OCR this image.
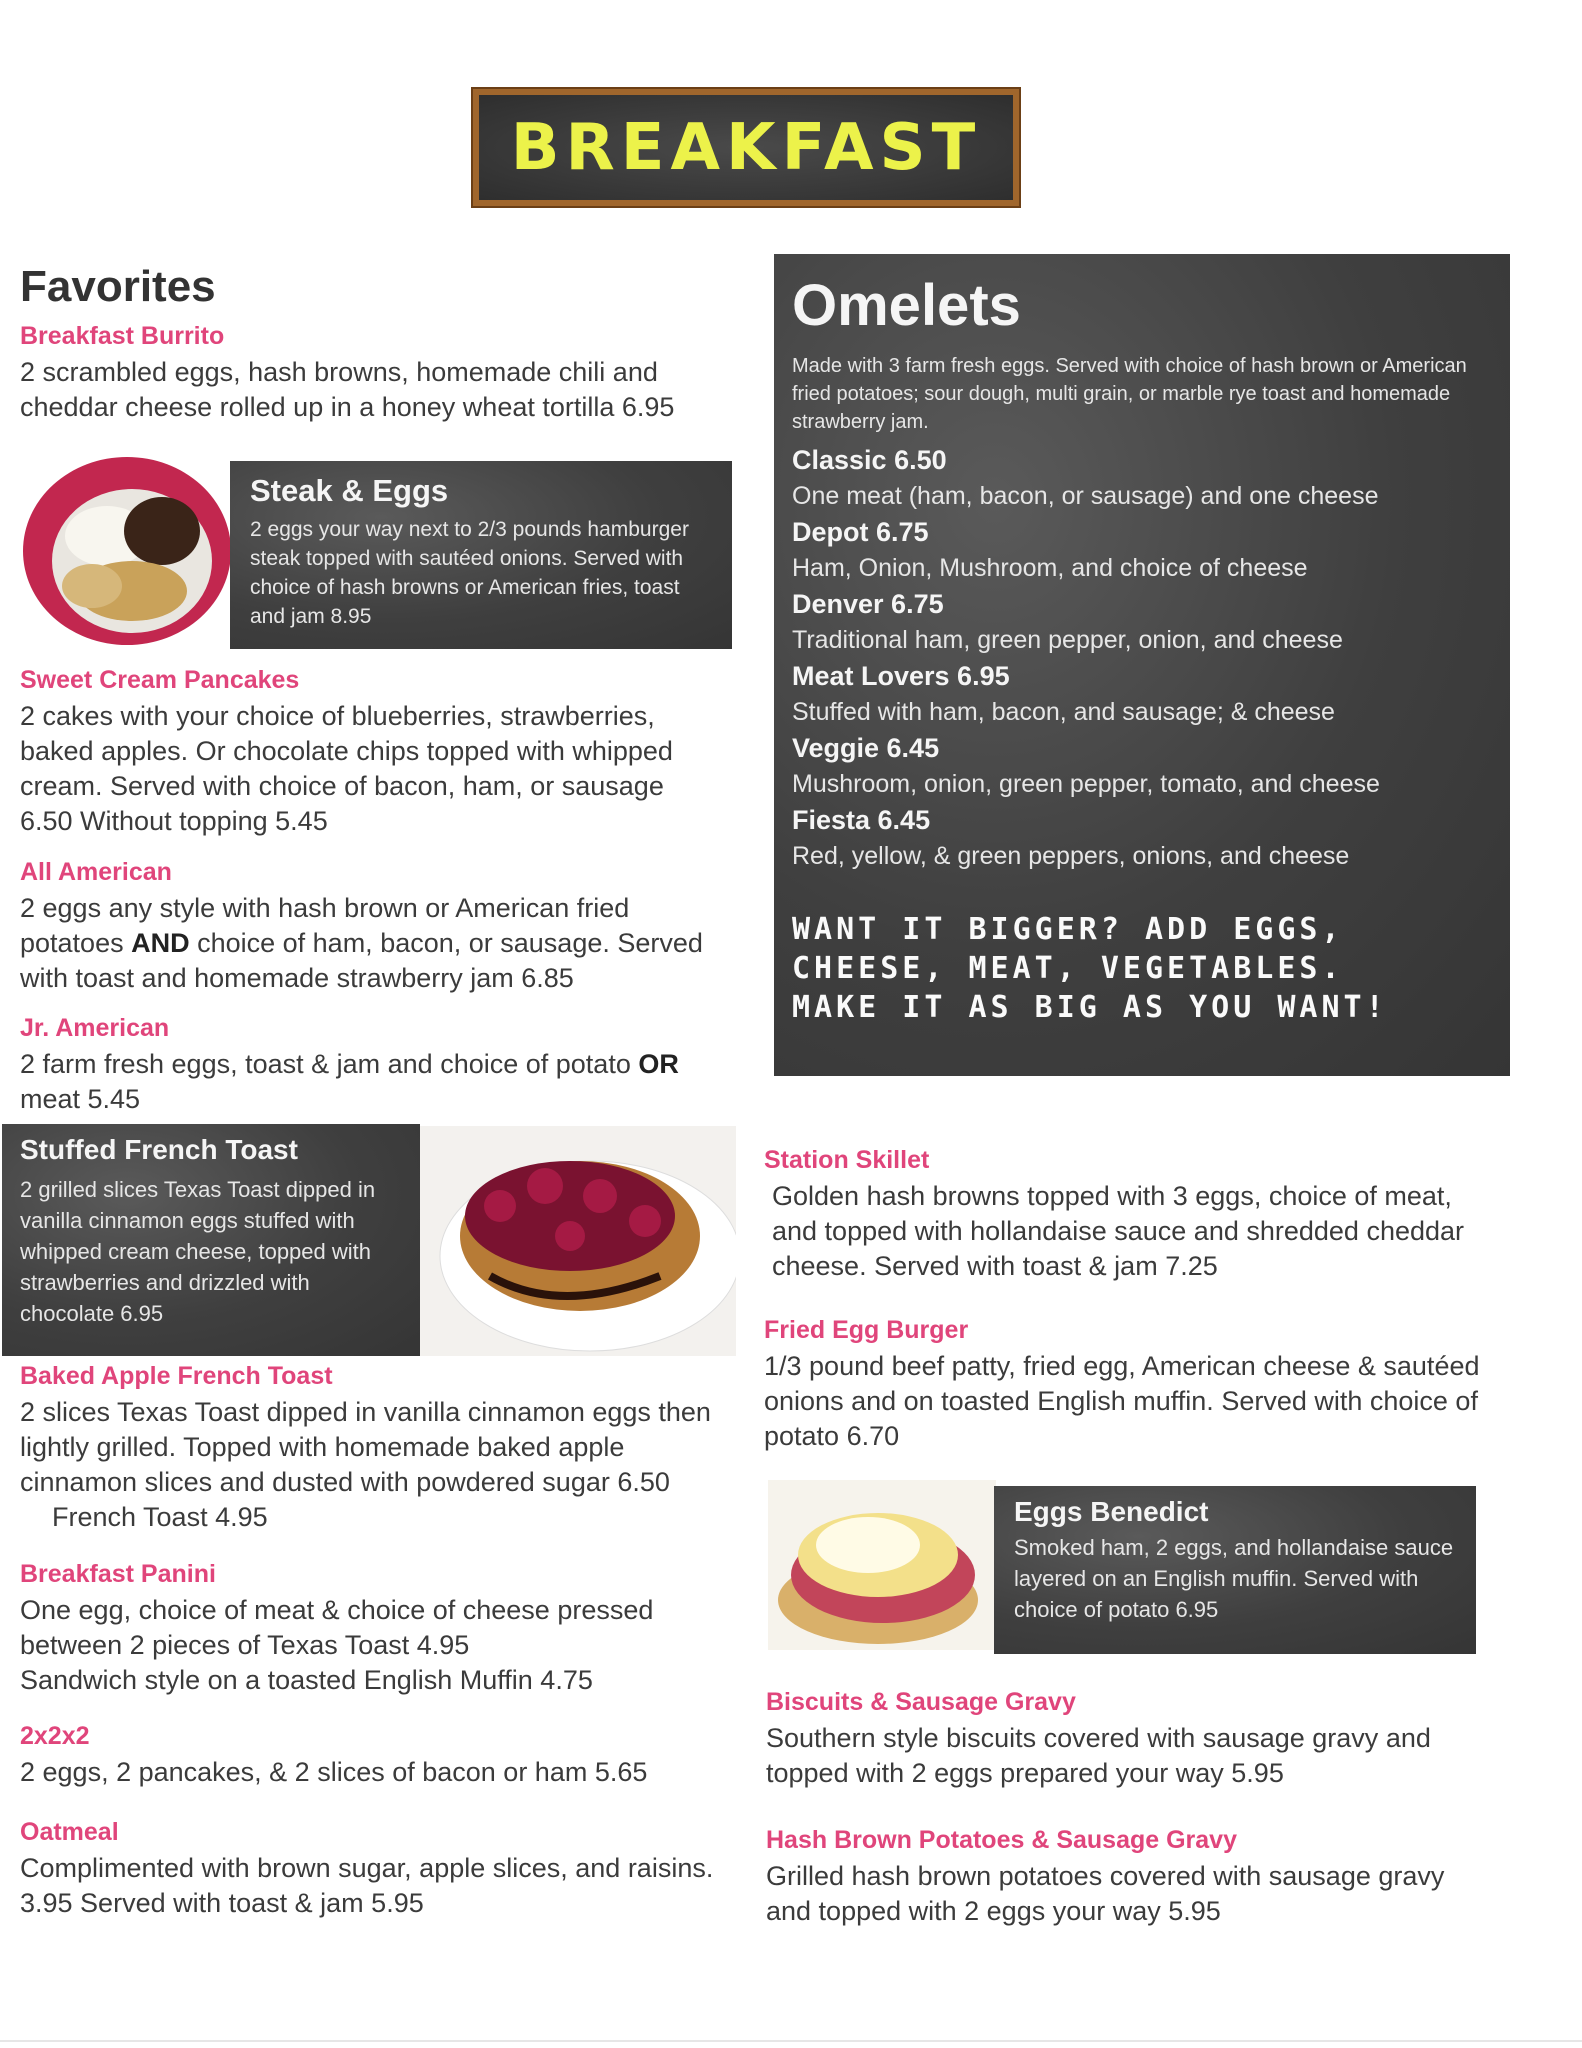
BREAKFAST
Favorites
Breakfast Burrito
2 scrambled eggs, hash browns, homemade chili and cheddar cheese rolled up in a honey wheat tortilla 6.95
Steak & Eggs
2 eggs your way next to 2/3 pounds hamburger steak topped with sautéed onions. Served with choice of hash browns or American fries, toast and jam 8.95
Sweet Cream Pancakes
2 cakes with your choice of blueberries, strawberries, baked apples. Or chocolate chips topped with whipped cream. Served with choice of bacon, ham, or sausage 6.50 Without topping 5.45
All American
2 eggs any style with hash brown or American fried potatoes AND choice of ham, bacon, or sausage. Served with toast and homemade strawberry jam 6.85
Jr. American
2 farm fresh eggs, toast & jam and choice of potato OR meat 5.45
Stuffed French Toast
2 grilled slices Texas Toast dipped in vanilla cinnamon eggs stuffed with whipped cream cheese, topped with strawberries and drizzled with chocolate 6.95
Baked Apple French Toast
2 slices Texas Toast dipped in vanilla cinnamon eggs then lightly grilled. Topped with homemade baked apple cinnamon slices and dusted with powdered sugar 6.50
French Toast 4.95
Breakfast Panini
One egg, choice of meat & choice of cheese pressed between 2 pieces of Texas Toast 4.95
Sandwich style on a toasted English Muffin 4.75
2x2x2
2 eggs, 2 pancakes, & 2 slices of bacon or ham 5.65
Oatmeal
Complimented with brown sugar, apple slices, and raisins. 3.95 Served with toast & jam 5.95
Omelets
Made with 3 farm fresh eggs. Served with choice of hash brown or American fried potatoes; sour dough, multi grain, or marble rye toast and homemade strawberry jam.
Classic 6.50
One meat (ham, bacon, or sausage) and one cheese
Depot 6.75
Ham, Onion, Mushroom, and choice of cheese
Denver 6.75
Traditional ham, green pepper, onion, and cheese
Meat Lovers 6.95
Stuffed with ham, bacon, and sausage; & cheese
Veggie 6.45
Mushroom, onion, green pepper, tomato, and cheese
Fiesta 6.45
Red, yellow, & green peppers, onions, and cheese
WANT IT BIGGER? ADD EGGS,
CHEESE, MEAT, VEGETABLES.
MAKE IT AS BIG AS YOU WANT!
Station Skillet
Golden hash browns topped with 3 eggs, choice of meat, and topped with hollandaise sauce and shredded cheddar cheese. Served with toast & jam 7.25
Fried Egg Burger
1/3 pound beef patty, fried egg, American cheese & sautéed onions and on toasted English muffin. Served with choice of potato 6.70
Eggs Benedict
Smoked ham, 2 eggs, and hollandaise sauce layered on an English muffin. Served with choice of potato 6.95
Biscuits & Sausage Gravy
Southern style biscuits covered with sausage gravy and topped with 2 eggs prepared your way 5.95
Hash Brown Potatoes & Sausage Gravy
Grilled hash brown potatoes covered with sausage gravy and topped with 2 eggs your way 5.95
